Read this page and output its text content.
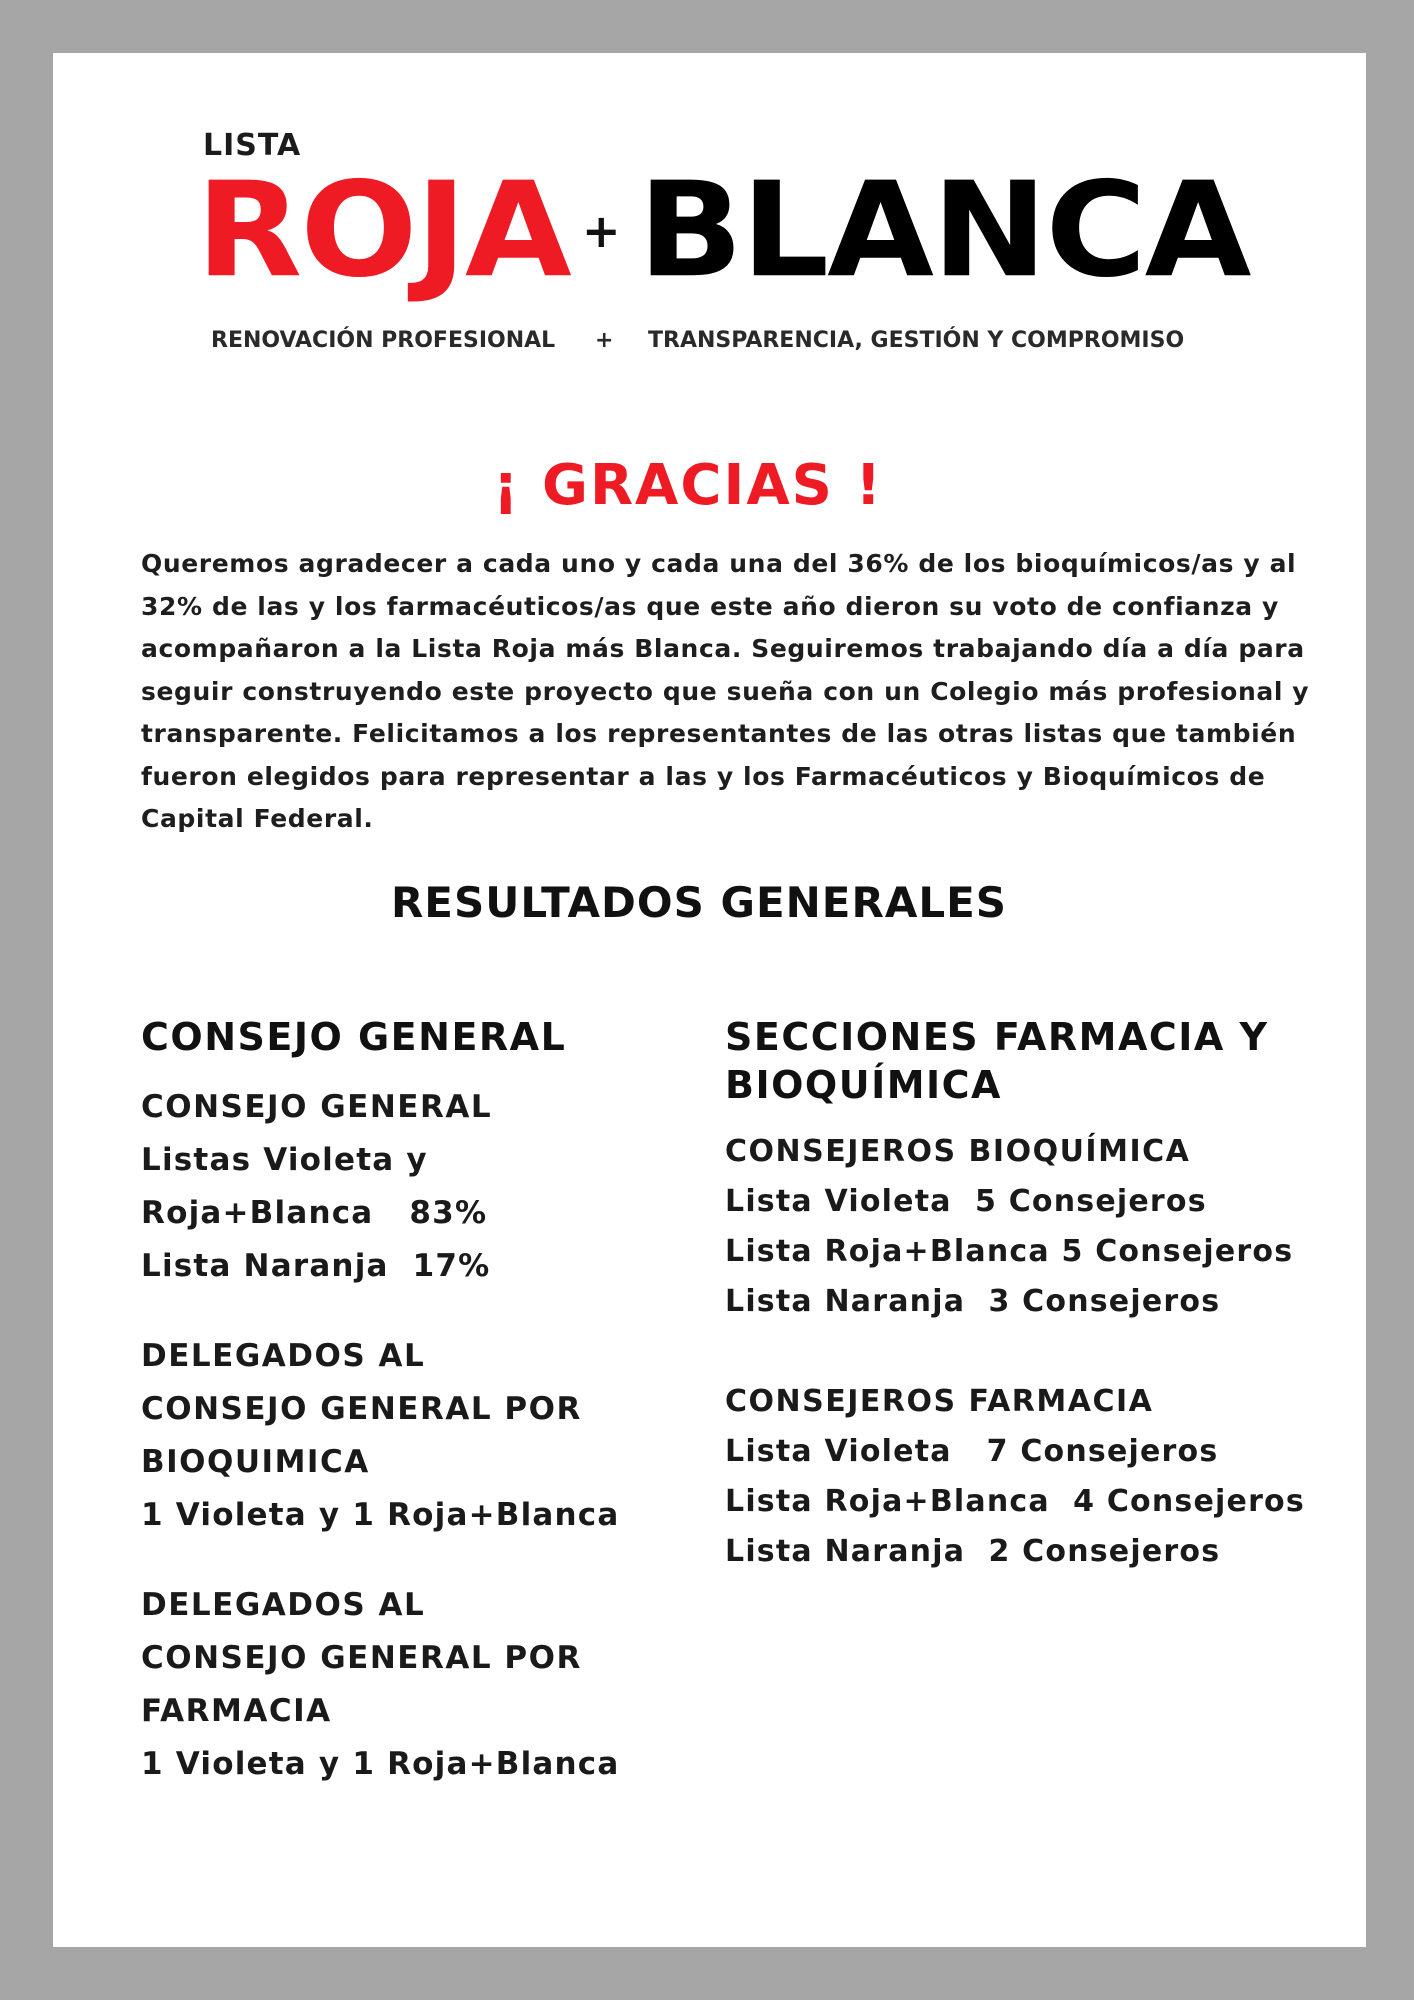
LISTA
ROJA + BLANCA
RENOVACIÓN PROFESIONAL + TRANSPARENCIA, GESTIÓN Y COMPROMISO
¡ GRACIAS !

Queremos agradecer a cada uno y cada una del 36% de los bioquímicos/as y al 32% de las y los farmacéuticos/as que este año dieron su voto de confianza y acompañaron a la Lista Roja más Blanca. Seguiremos trabajando día a día para seguir construyendo este proyecto que sueña con un Colegio más profesional y transparente. Felicitamos a los representantes de las otras listas que también fueron elegidos para representar a las y los Farmacéuticos y Bioquímicos de Capital Federal.

RESULTADOS GENERALES

CONSEJO GENERAL

CONSEJO GENERAL

Listas Violeta y

Roja+Blanca   83%

Lista Naranja  17%

DELEGADOS AL

CONSEJO GENERAL POR

BIOQUIMICA

1 Violeta y 1 Roja+Blanca

DELEGADOS AL

CONSEJO GENERAL POR

FARMACIA

1 Violeta y 1 Roja+Blanca

SECCIONES FARMACIA Y

BIOQUÍMICA

CONSEJEROS BIOQUÍMICA

Lista Violeta  5 Consejeros

Lista Roja+Blanca 5 Consejeros

Lista Naranja  3 Consejeros

CONSEJEROS FARMACIA

Lista Violeta   7 Consejeros

Lista Roja+Blanca  4 Consejeros

Lista Naranja  2 Consejeros
